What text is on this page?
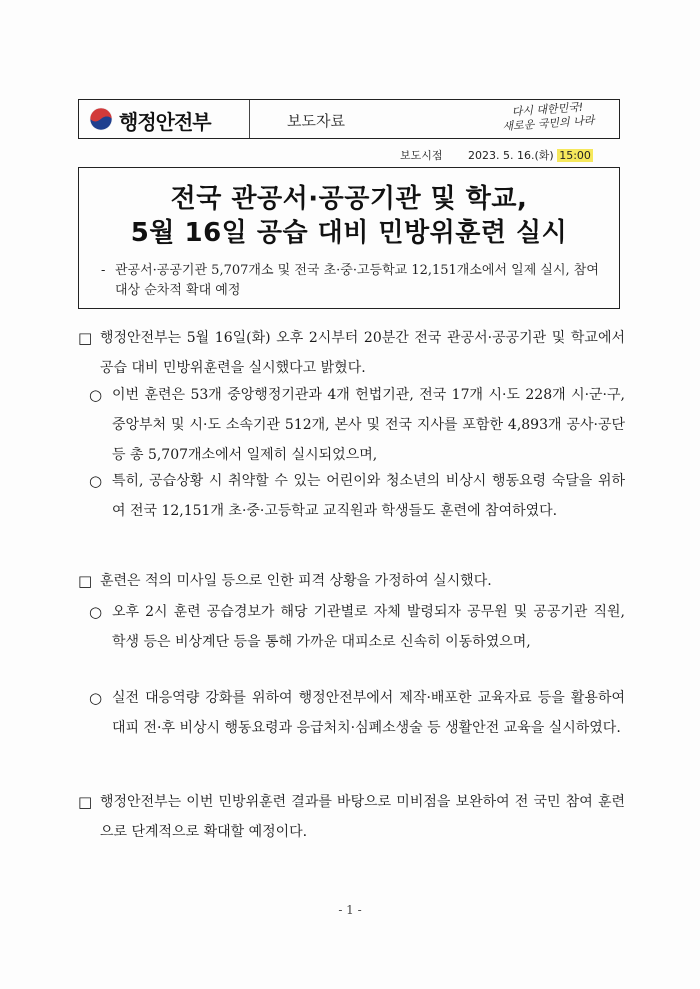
행정안전부	보도자료
다시 대한민국!
새로운 국민의 나라
보도시점 2023. 5. 16.(화) 15:00
전국 관공서·공공기관 및 학교,
5월 16일 공습 대비 민방위훈련 실시
- 관공서·공공기관 5,707개소 및 전국 초·중·고등학교 12,151개소에서 일제 실시, 참여 대상 순차적 확대 예정
□ 행정안전부는 5월 16일(화) 오후 2시부터 20분간 전국 관공서·공공기관 및 학교에서 공습 대비 민방위훈련을 실시했다고 밝혔다.
○ 이번 훈련은 53개 중앙행정기관과 4개 헌법기관, 전국 17개 시·도 228개 시·군·구, 중앙부처 및 시·도 소속기관 512개, 본사 및 전국 지사를 포함한 4,893개 공사·공단 등 총 5,707개소에서 일제히 실시되었으며,
○ 특히, 공습상황 시 취약할 수 있는 어린이와 청소년의 비상시 행동요령 숙달을 위하여 전국 12,151개 초·중·고등학교 교직원과 학생들도 훈련에 참여하였다.
□ 훈련은 적의 미사일 등으로 인한 피격 상황을 가정하여 실시했다.
○ 오후 2시 훈련 공습경보가 해당 기관별로 자체 발령되자 공무원 및 공공기관 직원, 학생 등은 비상계단 등을 통해 가까운 대피소로 신속히 이동하였으며,
○ 실전 대응역량 강화를 위하여 행정안전부에서 제작·배포한 교육자료 등을 활용하여 대피 전·후 비상시 행동요령과 응급처치·심폐소생술 등 생활안전 교육을 실시하였다.
□ 행정안전부는 이번 민방위훈련 결과를 바탕으로 미비점을 보완하여 전 국민 참여 훈련으로 단계적으로 확대할 예정이다.
- 1 -
